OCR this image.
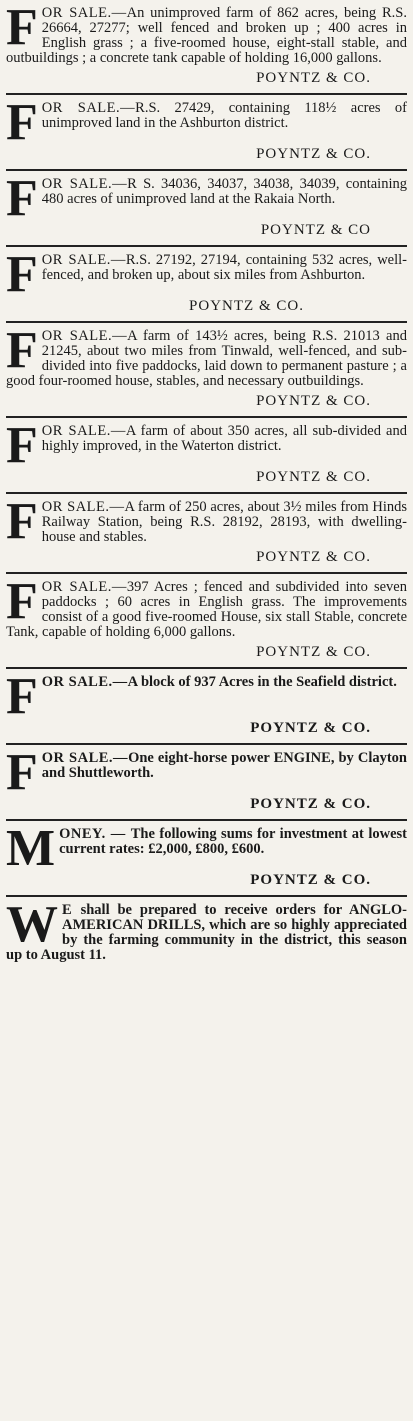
F OR SALE.—An unimproved farm of 862 acres, being R.S. 26664, 27277; well fenced and broken up ; 400 acres in English grass ; a five-roomed house, eight-stall stable, and outbuildings ; a concrete tank capable of holding 16,000 gallons.
POYNTZ & CO.
F OR SALE.—R.S. 27429, containing 118½ acres of unimproved land in the Ashburton district.
POYNTZ & CO.
F OR SALE.—R S. 34036, 34037, 34038, 34039, containing 480 acres of unimproved land at the Rakaia North.
POYNTZ & CO
F OR SALE.—R.S. 27192, 27194, containing 532 acres, well-fenced, and broken up, about six miles from Ashburton.
POYNTZ & CO.
F OR SALE.—A farm of 143½ acres, being R.S. 21013 and 21245, about two miles from Tinwald, well-fenced, and sub-divided into five paddocks, laid down to permanent pasture ; a good four-roomed house, stables, and necessary outbuildings.
POYNTZ & CO.
F OR SALE.—A farm of about 350 acres, all sub-divided and highly improved, in the Waterton district.
POYNTZ & CO.
F OR SALE.—A farm of 250 acres, about 3½ miles from Hinds Railway Station, being R.S. 28192, 28193, with dwelling-house and stables.
POYNTZ & CO.
F OR SALE.—397 Acres ; fenced and subdivided into seven paddocks ; 60 acres in English grass. The improvements consist of a good five-roomed House, six stall Stable, concrete Tank, capable of holding 6,000 gallons.
POYNTZ & CO.
F OR SALE.—A block of 937 Acres in the Seafield district.
POYNTZ & CO.
F OR SALE.—One eight-horse power ENGINE, by Clayton and Shuttleworth.
POYNTZ & CO.
M ONEY. — The following sums for investment at lowest current rates: £2,000, £800, £600.
POYNTZ & CO.
W E shall be prepared to receive orders for ANGLO-AMERICAN DRILLS, which are so highly appreciated by the farming community in the district, this season up to August 11.
